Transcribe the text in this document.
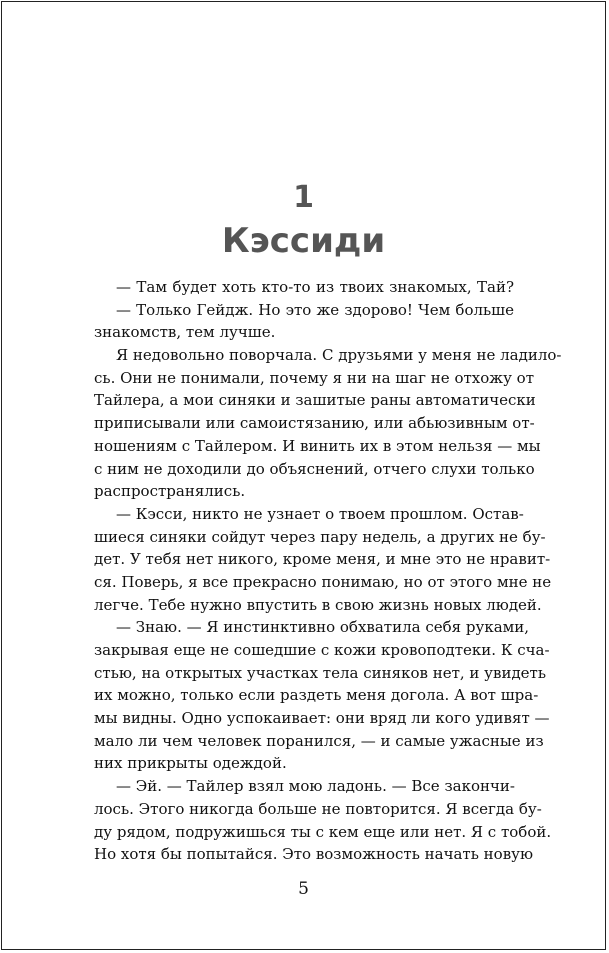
1
Кэссиди
— Там будет хоть кто-то из твоих знакомых, Тай?
— Только Гейдж. Но это же здорово! Чем больше
знакомств, тем лучше.
Я недовольно поворчала. С друзьями у меня не ладило-
сь. Они не понимали, почему я ни на шаг не отхожу от
Тайлера, а мои синяки и зашитые раны автоматически
приписывали или самоистязанию, или абьюзивным от-
ношениям с Тайлером. И винить их в этом нельзя — мы
с ним не доходили до объяснений, отчего слухи только
распространялись.
— Кэсси, никто не узнает о твоем прошлом. Остав-
шиеся синяки сойдут через пару недель, а других не бу-
дет. У тебя нет никого, кроме меня, и мне это не нравит-
ся. Поверь, я все прекрасно понимаю, но от этого мне не
легче. Тебе нужно впустить в свою жизнь новых людей.
— Знаю. — Я инстинктивно обхватила себя руками,
закрывая еще не сошедшие с кожи кровоподтеки. К сча-
стью, на открытых участках тела синяков нет, и увидеть
их можно, только если раздеть меня догола. А вот шра-
мы видны. Одно успокаивает: они вряд ли кого удивят —
мало ли чем человек поранился, — и самые ужасные из
них прикрыты одеждой.
— Эй. — Тайлер взял мою ладонь. — Все закончи-
лось. Этого никогда больше не повторится. Я всегда бу-
ду рядом, подружишься ты с кем еще или нет. Я с тобой.
Но хотя бы попытайся. Это возможность начать новую
5
